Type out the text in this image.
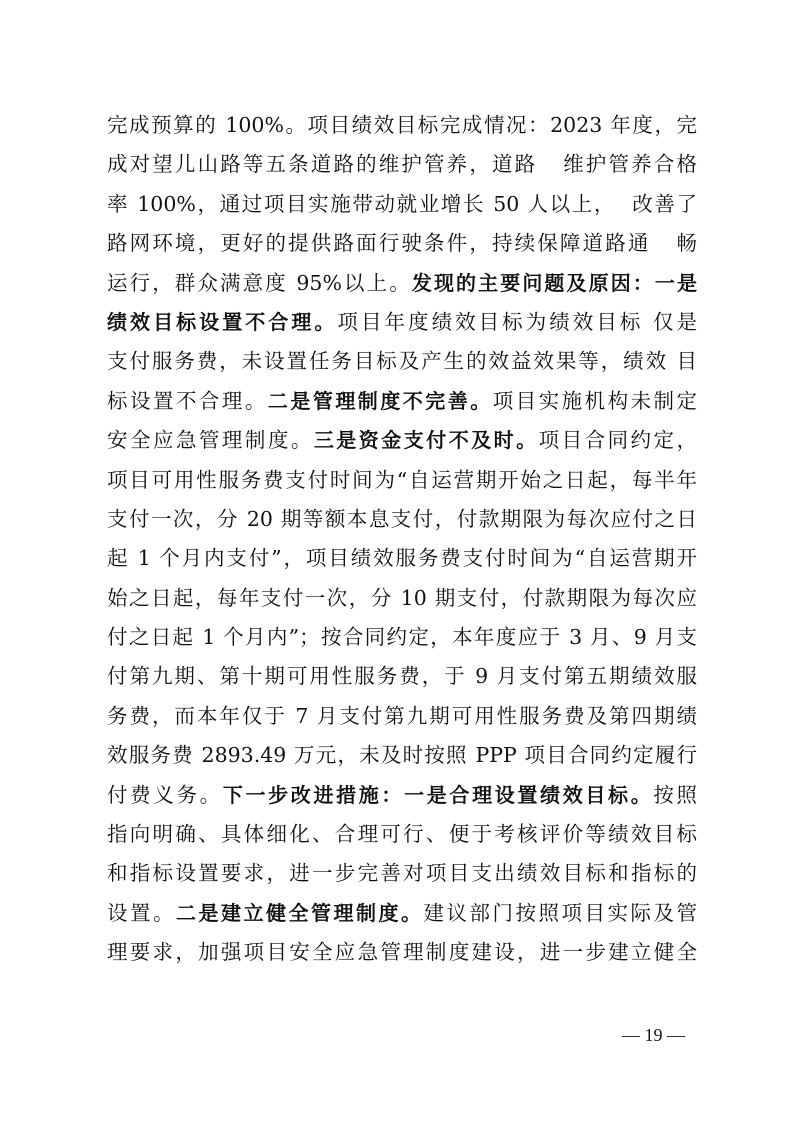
完成预算的 100%。项目绩效目标完成情况：2023 年度，完
成对望儿山路等五条道路的维护管养，道路   维护管养合格
率 100%，通过项目实施带动就业增长 50 人以上，  改善了
路网环境，更好的提供路面行驶条件，持续保障道路通   畅
运行，群众满意度 95%以上。发现的主要问题及原因：一是
绩效目标设置不合理。项目年度绩效目标为绩效目标 仅是
支付服务费，未设置任务目标及产生的效益效果等，绩效 目
标设置不合理。二是管理制度不完善。项目实施机构未制定
安全应急管理制度。三是资金支付不及时。项目合同约定，
项目可用性服务费支付时间为“自运营期开始之日起，每半年
支付一次，分 20 期等额本息支付，付款期限为每次应付之日
起 1 个月内支付”，项目绩效服务费支付时间为“自运营期开
始之日起，每年支付一次，分 10 期支付，付款期限为每次应
付之日起 1 个月内”；按合同约定，本年度应于 3 月、9 月支
付第九期、第十期可用性服务费，于 9 月支付第五期绩效服
务费，而本年仅于 7 月支付第九期可用性服务费及第四期绩
效服务费 2893.49 万元，未及时按照 PPP 项目合同约定履行
付费义务。下一步改进措施：一是合理设置绩效目标。按照
指向明确、具体细化、合理可行、便于考核评价等绩效目标
和指标设置要求，进一步完善对项目支出绩效目标和指标的
设置。二是建立健全管理制度。建议部门按照项目实际及管
理要求，加强项目安全应急管理制度建设，进一步建立健全
— 19 —
